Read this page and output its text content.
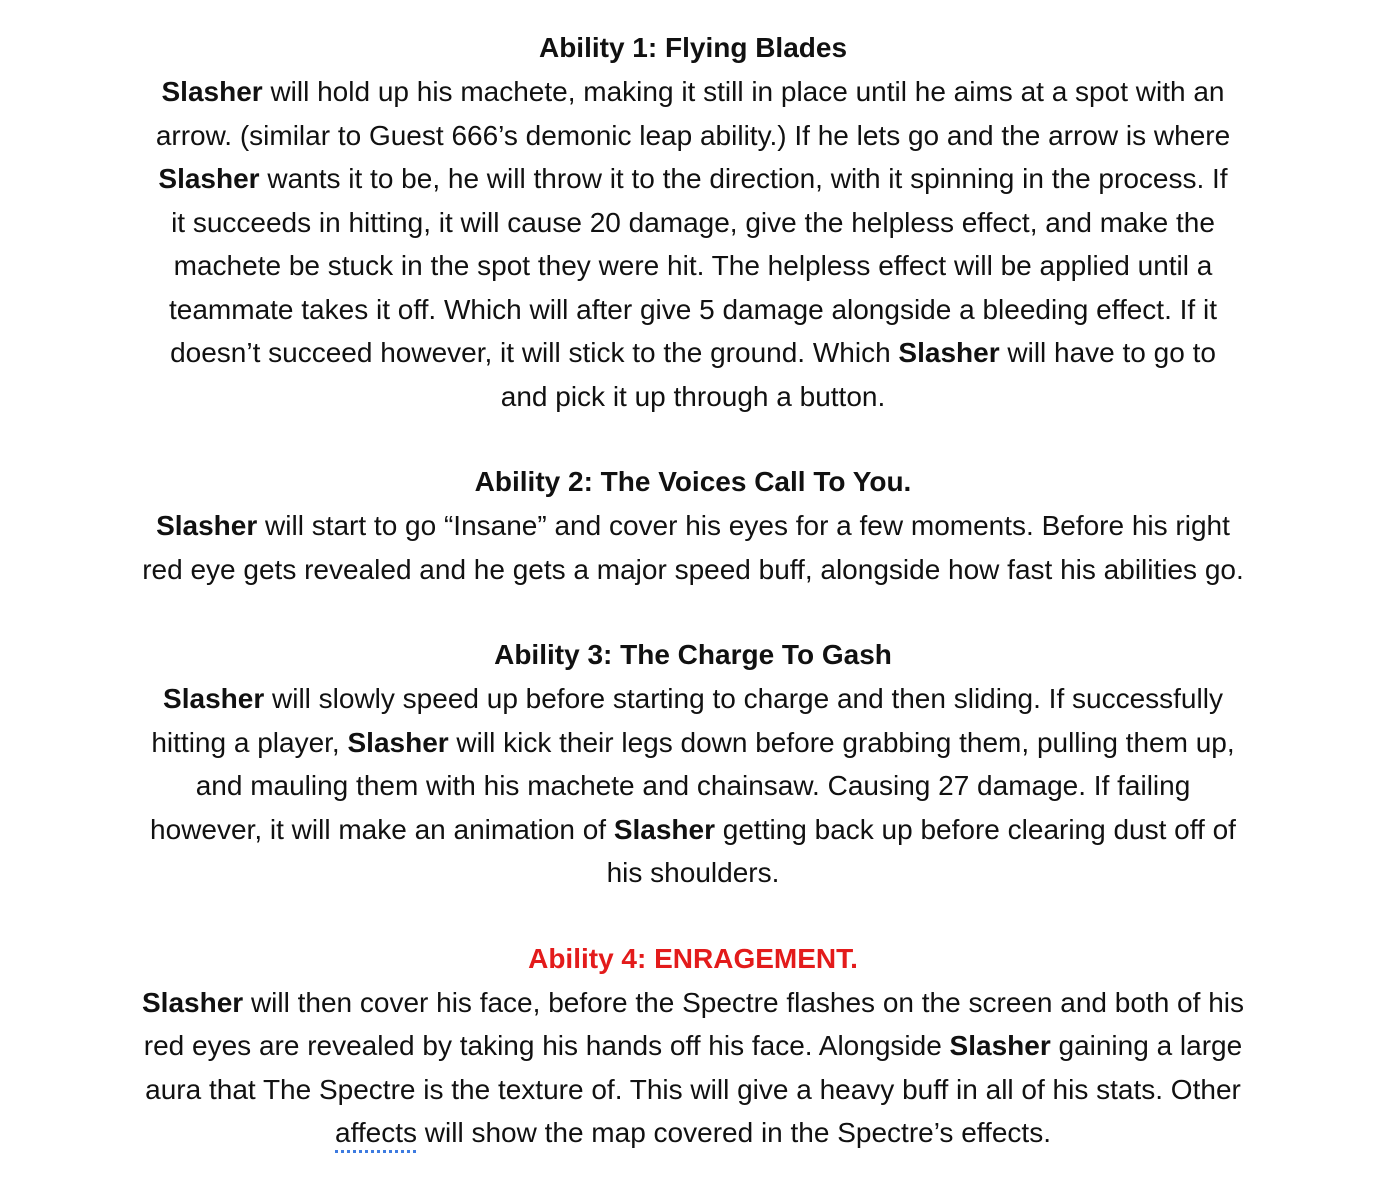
Ability 1: Flying Blades

Slasher will hold up his machete, making it still in place until he aims at a spot with an
arrow. (similar to Guest 666’s demonic leap ability.) If he lets go and the arrow is where
Slasher wants it to be, he will throw it to the direction, with it spinning in the process. If
it succeeds in hitting, it will cause 20 damage, give the helpless effect, and make the
machete be stuck in the spot they were hit. The helpless effect will be applied until a
teammate takes it off. Which will after give 5 damage alongside a bleeding effect. If it
doesn’t succeed however, it will stick to the ground. Which Slasher will have to go to
and pick it up through a button.

Ability 2: The Voices Call To You.

Slasher will start to go “Insane” and cover his eyes for a few moments. Before his right
red eye gets revealed and he gets a major speed buff, alongside how fast his abilities go.

Ability 3: The Charge To Gash

Slasher will slowly speed up before starting to charge and then sliding. If successfully
hitting a player, Slasher will kick their legs down before grabbing them, pulling them up,
and mauling them with his machete and chainsaw. Causing 27 damage. If failing
however, it will make an animation of Slasher getting back up before clearing dust off of
his shoulders.

Ability 4: ENRAGEMENT.

Slasher will then cover his face, before the Spectre flashes on the screen and both of his
red eyes are revealed by taking his hands off his face. Alongside Slasher gaining a large
aura that The Spectre is the texture of. This will give a heavy buff in all of his stats. Other
affects will show the map covered in the Spectre’s effects.
